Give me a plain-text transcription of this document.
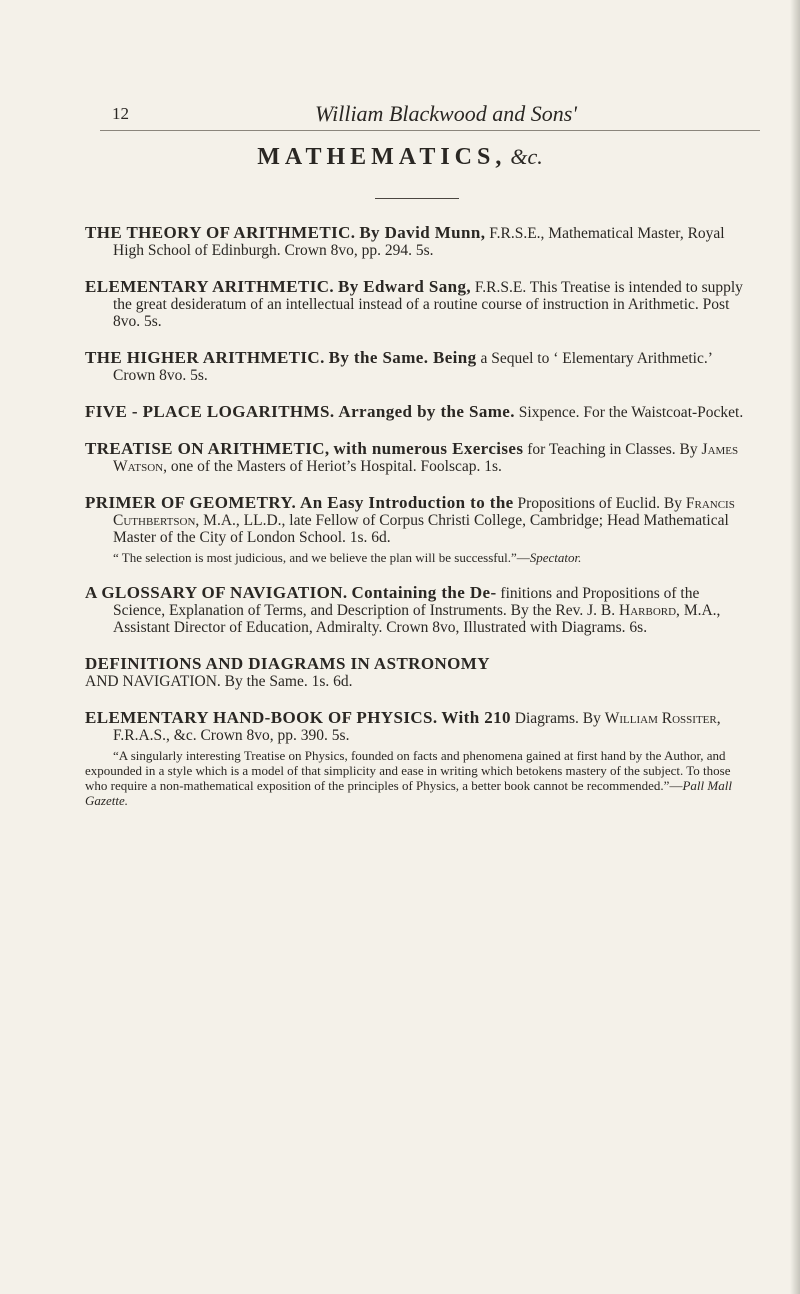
12	William Blackwood and Sons'
MATHEMATICS, &c.
THE THEORY OF ARITHMETIC. By David Munn, F.R.S.E., Mathematical Master, Royal High School of Edinburgh. Crown 8vo, pp. 294. 5s.
ELEMENTARY ARITHMETIC. By Edward Sang, F.R.S.E. This Treatise is intended to supply the great desideratum of an intellectual instead of a routine course of instruction in Arithmetic. Post 8vo. 5s.
THE HIGHER ARITHMETIC. By the Same. Being a Sequel to ‘ Elementary Arithmetic.’ Crown 8vo. 5s.
FIVE - PLACE LOGARITHMS. Arranged by the Same. Sixpence. For the Waistcoat-Pocket.
TREATISE ON ARITHMETIC, with numerous Exercises for Teaching in Classes. By James Watson, one of the Masters of Heriot’s Hospital. Foolscap. 1s.
PRIMER OF GEOMETRY. An Easy Introduction to the Propositions of Euclid. By Francis Cuthbertson, M.A., LL.D., late Fellow of Corpus Christi College, Cambridge; Head Mathematical Master of the City of London School. 1s. 6d.
“ The selection is most judicious, and we believe the plan will be successful.”—Spectator.
A GLOSSARY OF NAVIGATION. Containing the De- finitions and Propositions of the Science, Explanation of Terms, and Description of Instruments. By the Rev. J. B. Harbord, M.A., Assistant Director of Education, Admiralty. Crown 8vo, Illustrated with Diagrams. 6s.
DEFINITIONS AND DIAGRAMS IN ASTRONOMY
AND NAVIGATION. By the Same. 1s. 6d.
ELEMENTARY HAND-BOOK OF PHYSICS. With 210 Diagrams. By William Rossiter, F.R.A.S., &c. Crown 8vo, pp. 390. 5s.
“A singularly interesting Treatise on Physics, founded on facts and phenomena gained at first hand by the Author, and expounded in a style which is a model of that simplicity and ease in writing which betokens mastery of the subject. To those who require a non-mathematical exposition of the principles of Physics, a better book cannot be recommended.”—Pall Mall Gazette.
